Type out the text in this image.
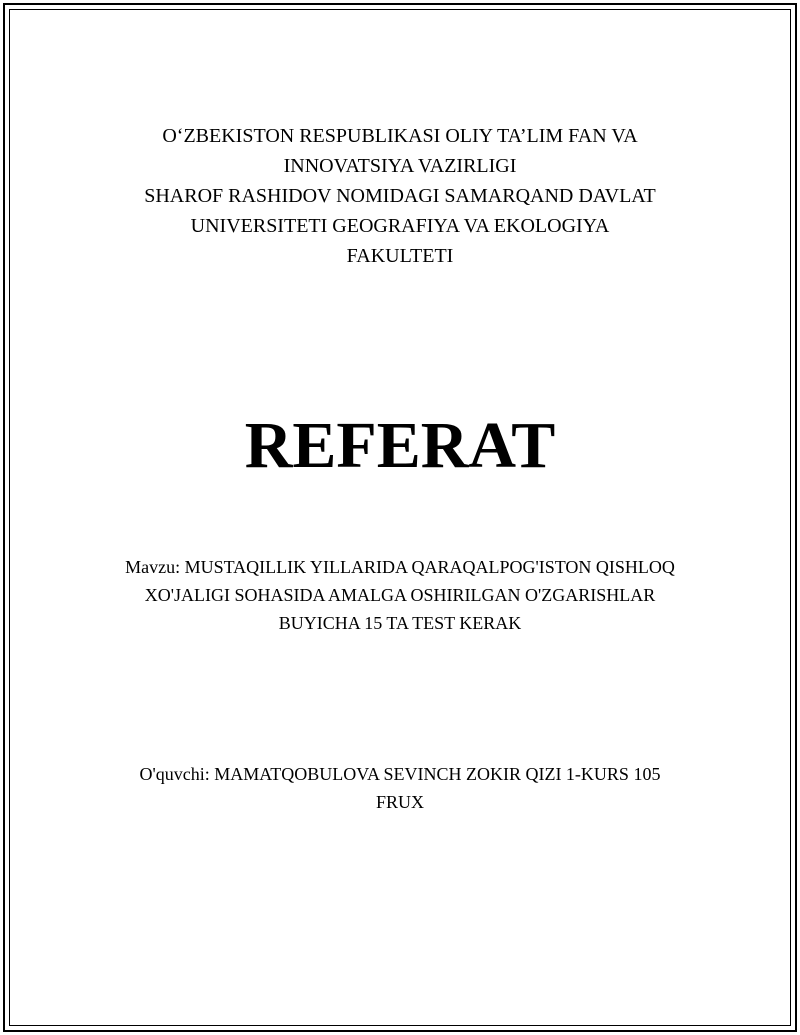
O‘ZBEKISTON RESPUBLIKASI OLIY TA’LIM FAN VA
INNOVATSIYA VAZIRLIGI
SHAROF RASHIDOV NOMIDAGI SAMARQAND DAVLAT
UNIVERSITETI GEOGRAFIYA VA EKOLOGIYA
FAKULTETI
REFERAT
Mavzu: MUSTAQILLIK YILLARIDA QARAQALPOG'ISTON QISHLOQ
XO'JALIGI SOHASIDA AMALGA OSHIRILGAN O'ZGARISHLAR
BUYICHA 15 TA TEST KERAK
O'quvchi: MAMATQOBULOVA SEVINCH ZOKIR QIZI 1-KURS 105
FRUX
